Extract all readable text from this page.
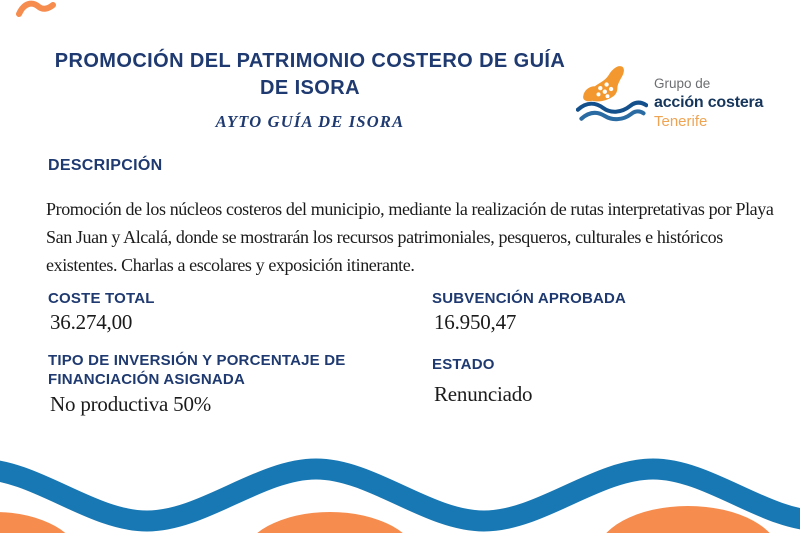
PROMOCIÓN DEL PATRIMONIO COSTERO DE GUÍA DE ISORA
AYTO GUÍA DE ISORA
Grupo de
acción costera
Tenerife
DESCRIPCIÓN
Promoción de los núcleos costeros del municipio, mediante la realización de rutas interpretativas por Playa San Juan y Alcalá, donde se mostrarán los recursos patrimoniales, pesqueros, culturales e históricos existentes. Charlas a escolares y exposición itinerante.
COSTE TOTAL
36.274,00
SUBVENCIÓN APROBADA
16.950,47
TIPO DE INVERSIÓN Y PORCENTAJE DE FINANCIACIÓN ASIGNADA
No productiva 50%
ESTADO
Renunciado
